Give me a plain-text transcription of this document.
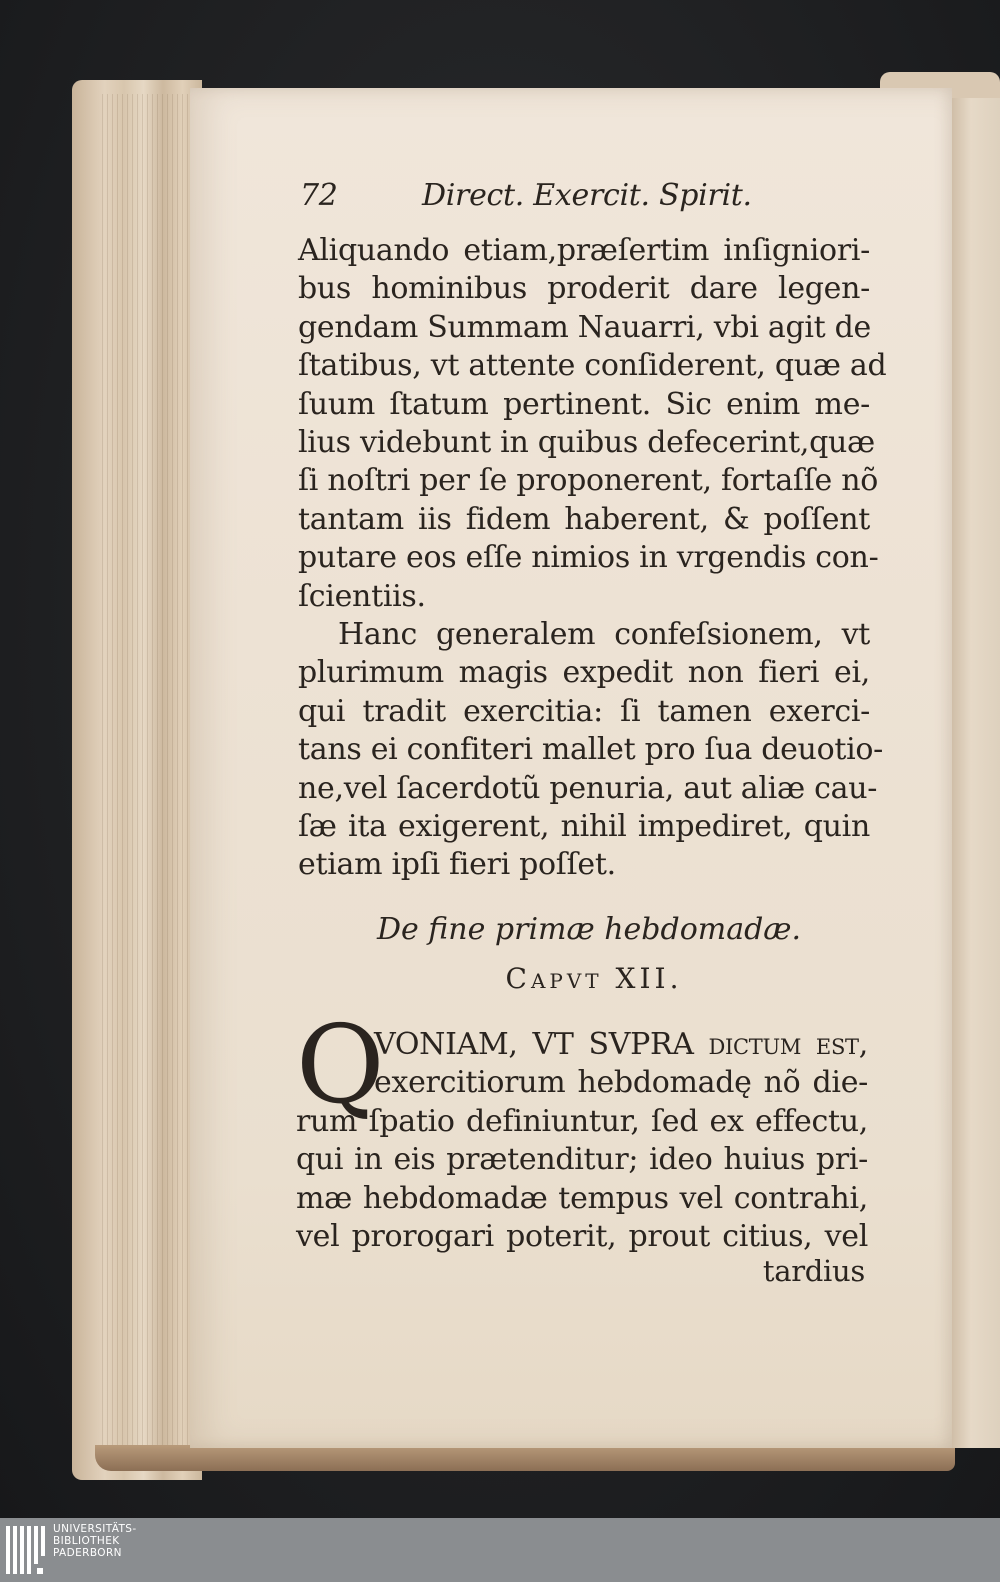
72	Direct. Exercit. Spirit.
Aliquando etiam,præſertim inſigniori-
bus hominibus proderit dare legen-
gendam Summam Nauarri, vbi agit de
ſtatibus, vt attente conſiderent, quæ ad
ſuum ſtatum pertinent. Sic enim me-
lius videbunt in quibus defecerint,quæ
ſi noſtri per ſe proponerent, fortaſſe nõ
tantam iis fidem haberent, & poſſent
putare eos eſſe nimios in vrgendis con-
ſcientiis.
Hanc generalem confeſsionem, vt
plurimum magis expedit non fieri ei,
qui tradit exercitia: ſi tamen exerci-
tans ei confiteri mallet pro ſua deuotio-
ne,vel ſacerdotũ penuria, aut aliæ cau-
ſæ ita exigerent, nihil impediret, quin
etiam ipſi fieri poſſet.
De fine primæ hebdomadæ.
Capvt XII.
Q
VONIAM, VT SVPRA dictum eſt,
exercitiorum hebdomadę nõ die-
rum ſpatio definiuntur, ſed ex effectu,
qui in eis prætenditur; ideo huius pri-
mæ hebdomadæ tempus vel contrahi,
vel prorogari poterit, prout citius, vel
tardius
UNIVERSITÄTS-
BIBLIOTHEK
PADERBORN
